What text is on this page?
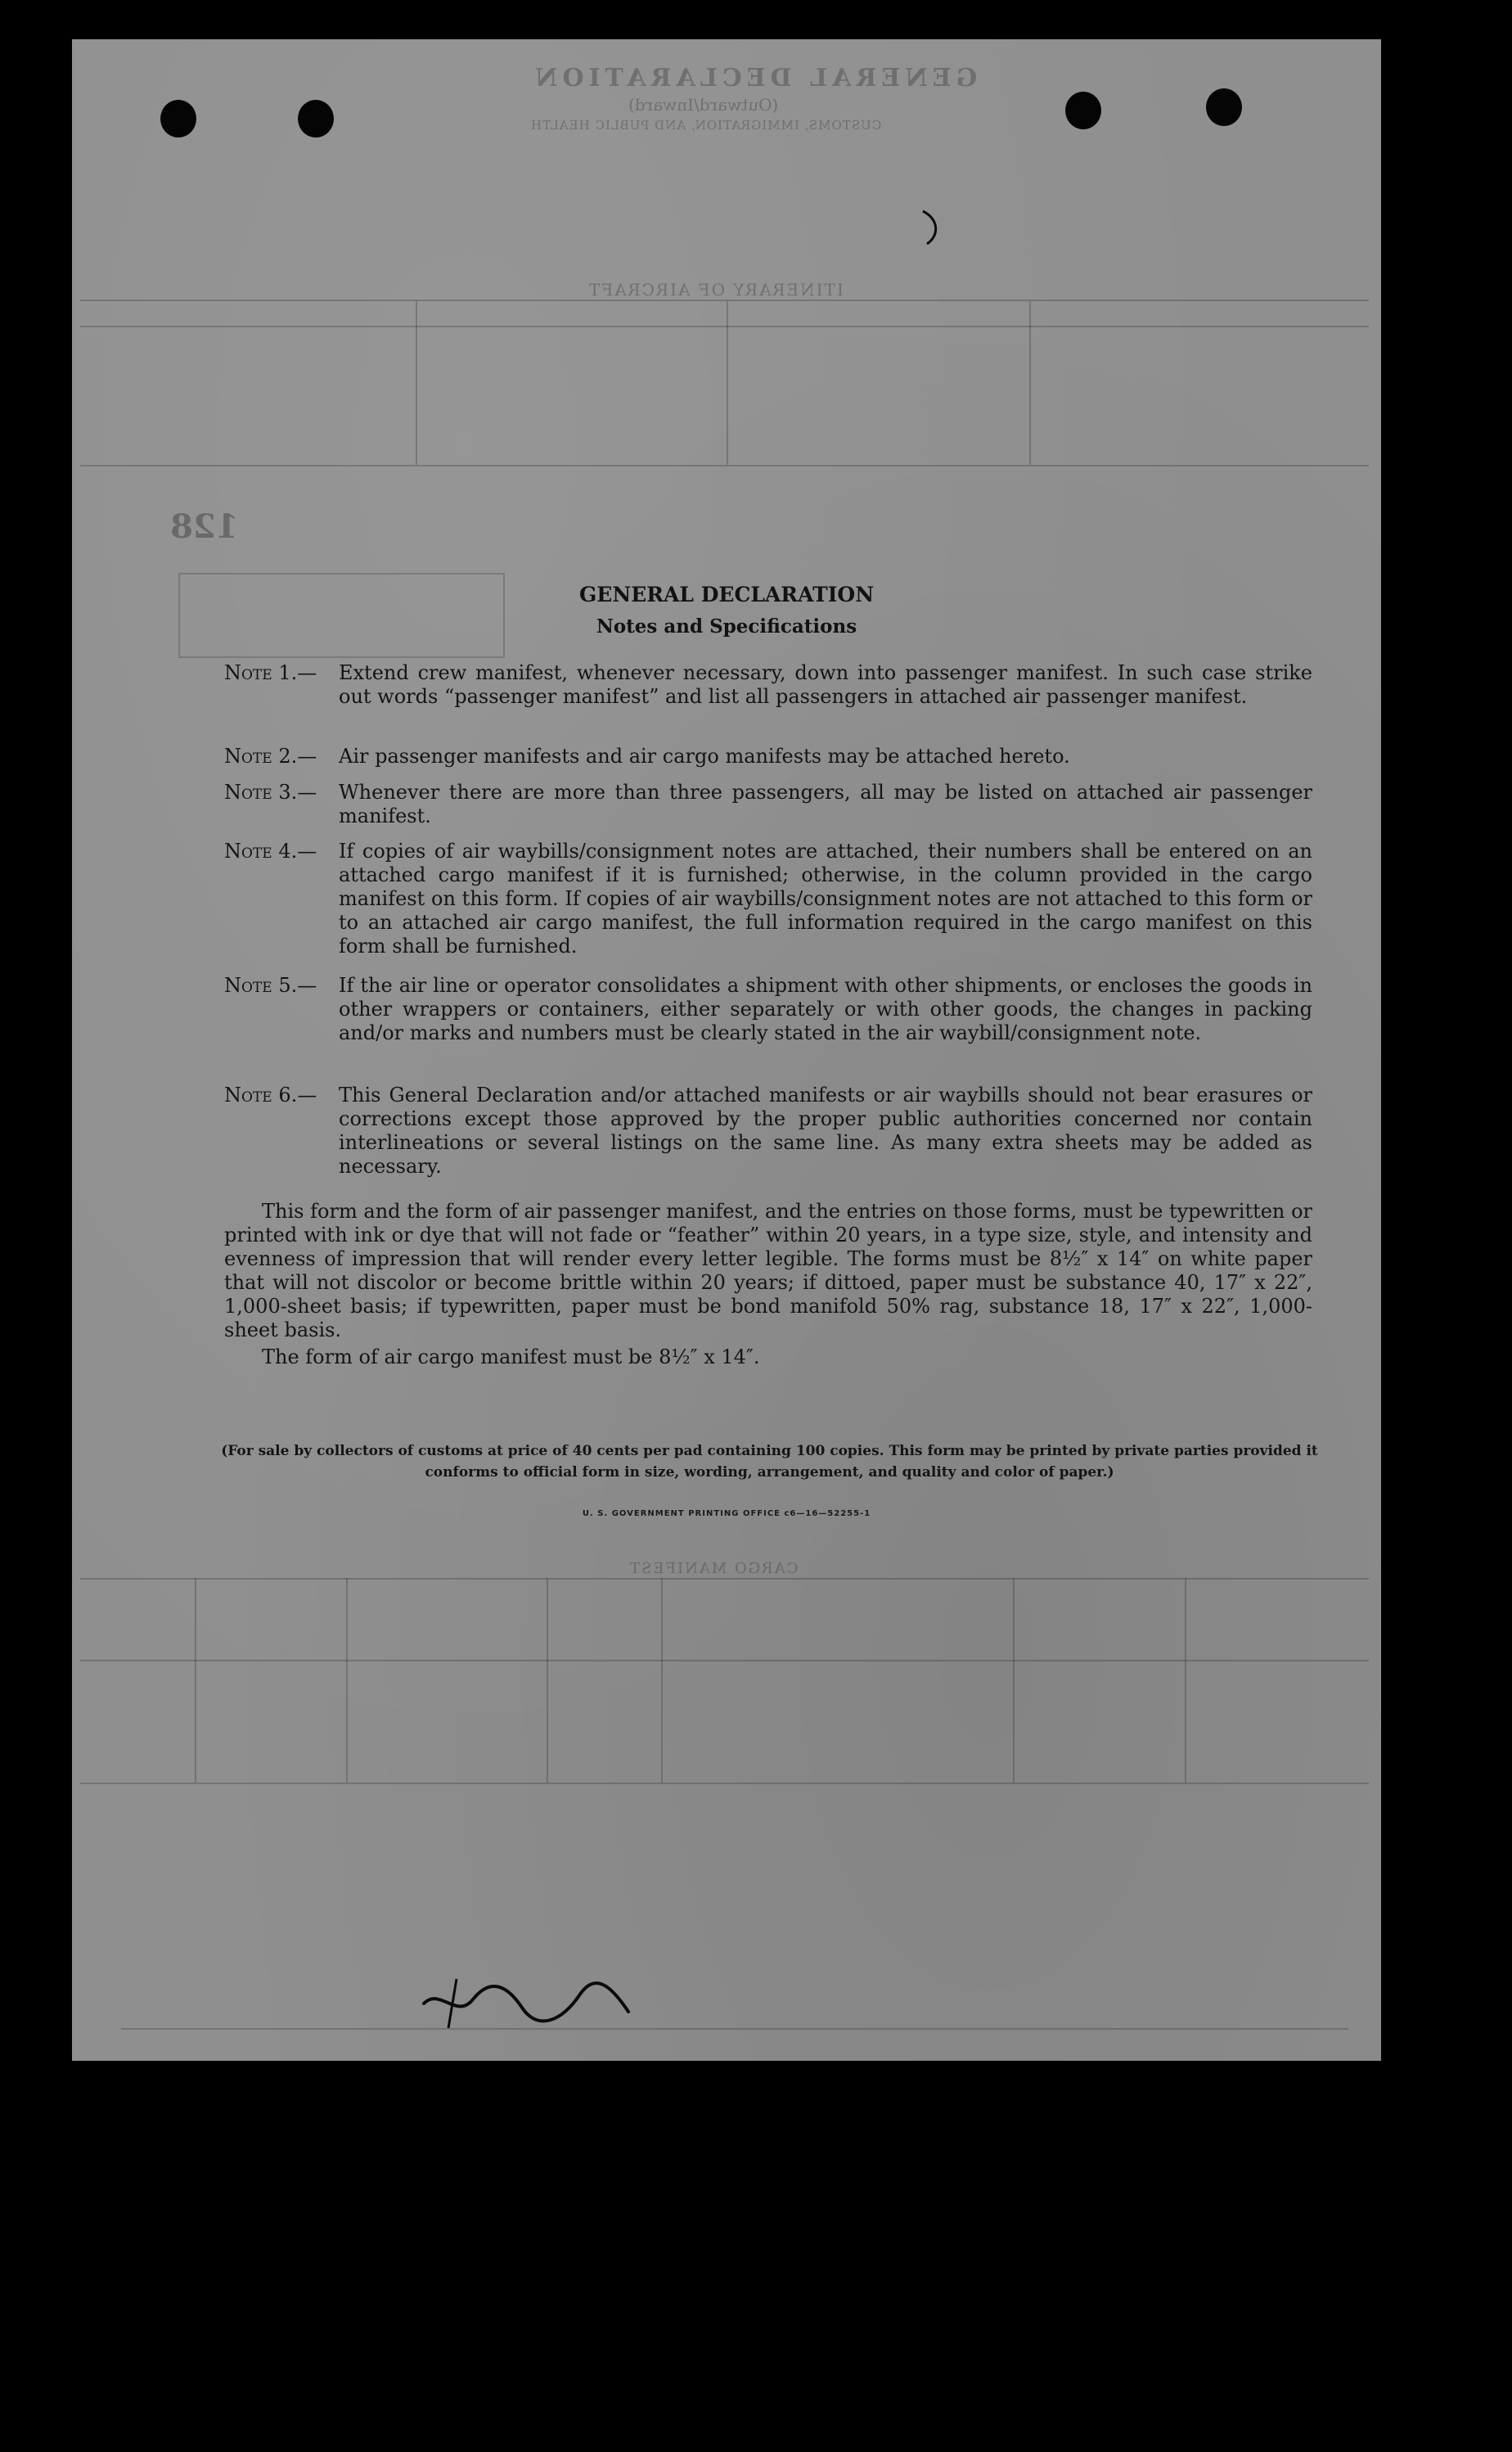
GENERAL DECLARATION
(Outward/Inward)
CUSTOMS, IMMIGRATION, AND PUBLIC HEALTH
ITINERARY OF AIRCRAFT
128
CARGO MANIFEST
GENERAL DECLARATION
Notes and Specifications
Note 1.— Extend crew manifest, whenever necessary, down into passenger manifest. In such case strike out words “passenger manifest” and list all passengers in attached air passenger manifest.
Note 2.— Air passenger manifests and air cargo manifests may be attached hereto.
Note 3.— Whenever there are more than three passengers, all may be listed on attached air passenger manifest.
Note 4.— If copies of air waybills/consignment notes are attached, their numbers shall be entered on an attached cargo manifest if it is furnished; otherwise, in the column provided in the cargo manifest on this form. If copies of air waybills/consignment notes are not attached to this form or to an attached air cargo manifest, the full information required in the cargo manifest on this form shall be furnished.
Note 5.— If the air line or operator consolidates a shipment with other shipments, or encloses the goods in other wrappers or containers, either separately or with other goods, the changes in packing and/or marks and numbers must be clearly stated in the air waybill/consignment note.
Note 6.— This General Declaration and/or attached manifests or air waybills should not bear erasures or corrections except those approved by the proper public authorities concerned nor contain interlineations or several listings on the same line. As many extra sheets may be added as necessary.
This form and the form of air passenger manifest, and the entries on those forms, must be typewritten or printed with ink or dye that will not fade or “feather” within 20 years, in a type size, style, and intensity and evenness of impression that will render every letter legible. The forms must be 8½″ x 14″ on white paper that will not discolor or become brittle within 20 years; if dittoed, paper must be substance 40, 17″ x 22″, 1,000-sheet basis; if typewritten, paper must be bond manifold 50% rag, substance 18, 17″ x 22″, 1,000-sheet basis.
The form of air cargo manifest must be 8½″ x 14″.
(For sale by collectors of customs at price of 40 cents per pad containing 100 copies. This form may be printed by private parties provided it conforms to official form in size, wording, arrangement, and quality and color of paper.)
U. S. GOVERNMENT PRINTING OFFICE c6—16—52255-1
